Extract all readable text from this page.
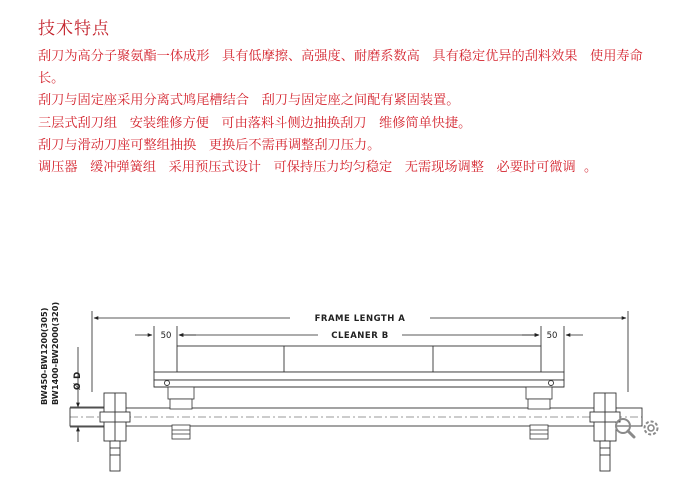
技术特点

刮刀为高分子聚氨酯一体成形   具有低摩擦、高强度、耐磨系数高   具有稳定优异的刮料效果   使用寿命长。

刮刀与固定座采用分离式鸠尾槽结合   刮刀与固定座之间配有紧固装置。

三层式刮刀组   安装维修方便   可由落料斗侧边抽换刮刀   维修简单快捷。

刮刀与滑动刀座可整组抽换   更换后不需再调整刮刀压力。

调压器   缓冲弹簧组   采用预压式设计   可保持压力均匀稳定   无需现场调整   必要时可微调  。

BW450-BW1200(305) BW1400-BW2000(320) Ø D
FRAME LENGTH A
CLEANER B
50	50
